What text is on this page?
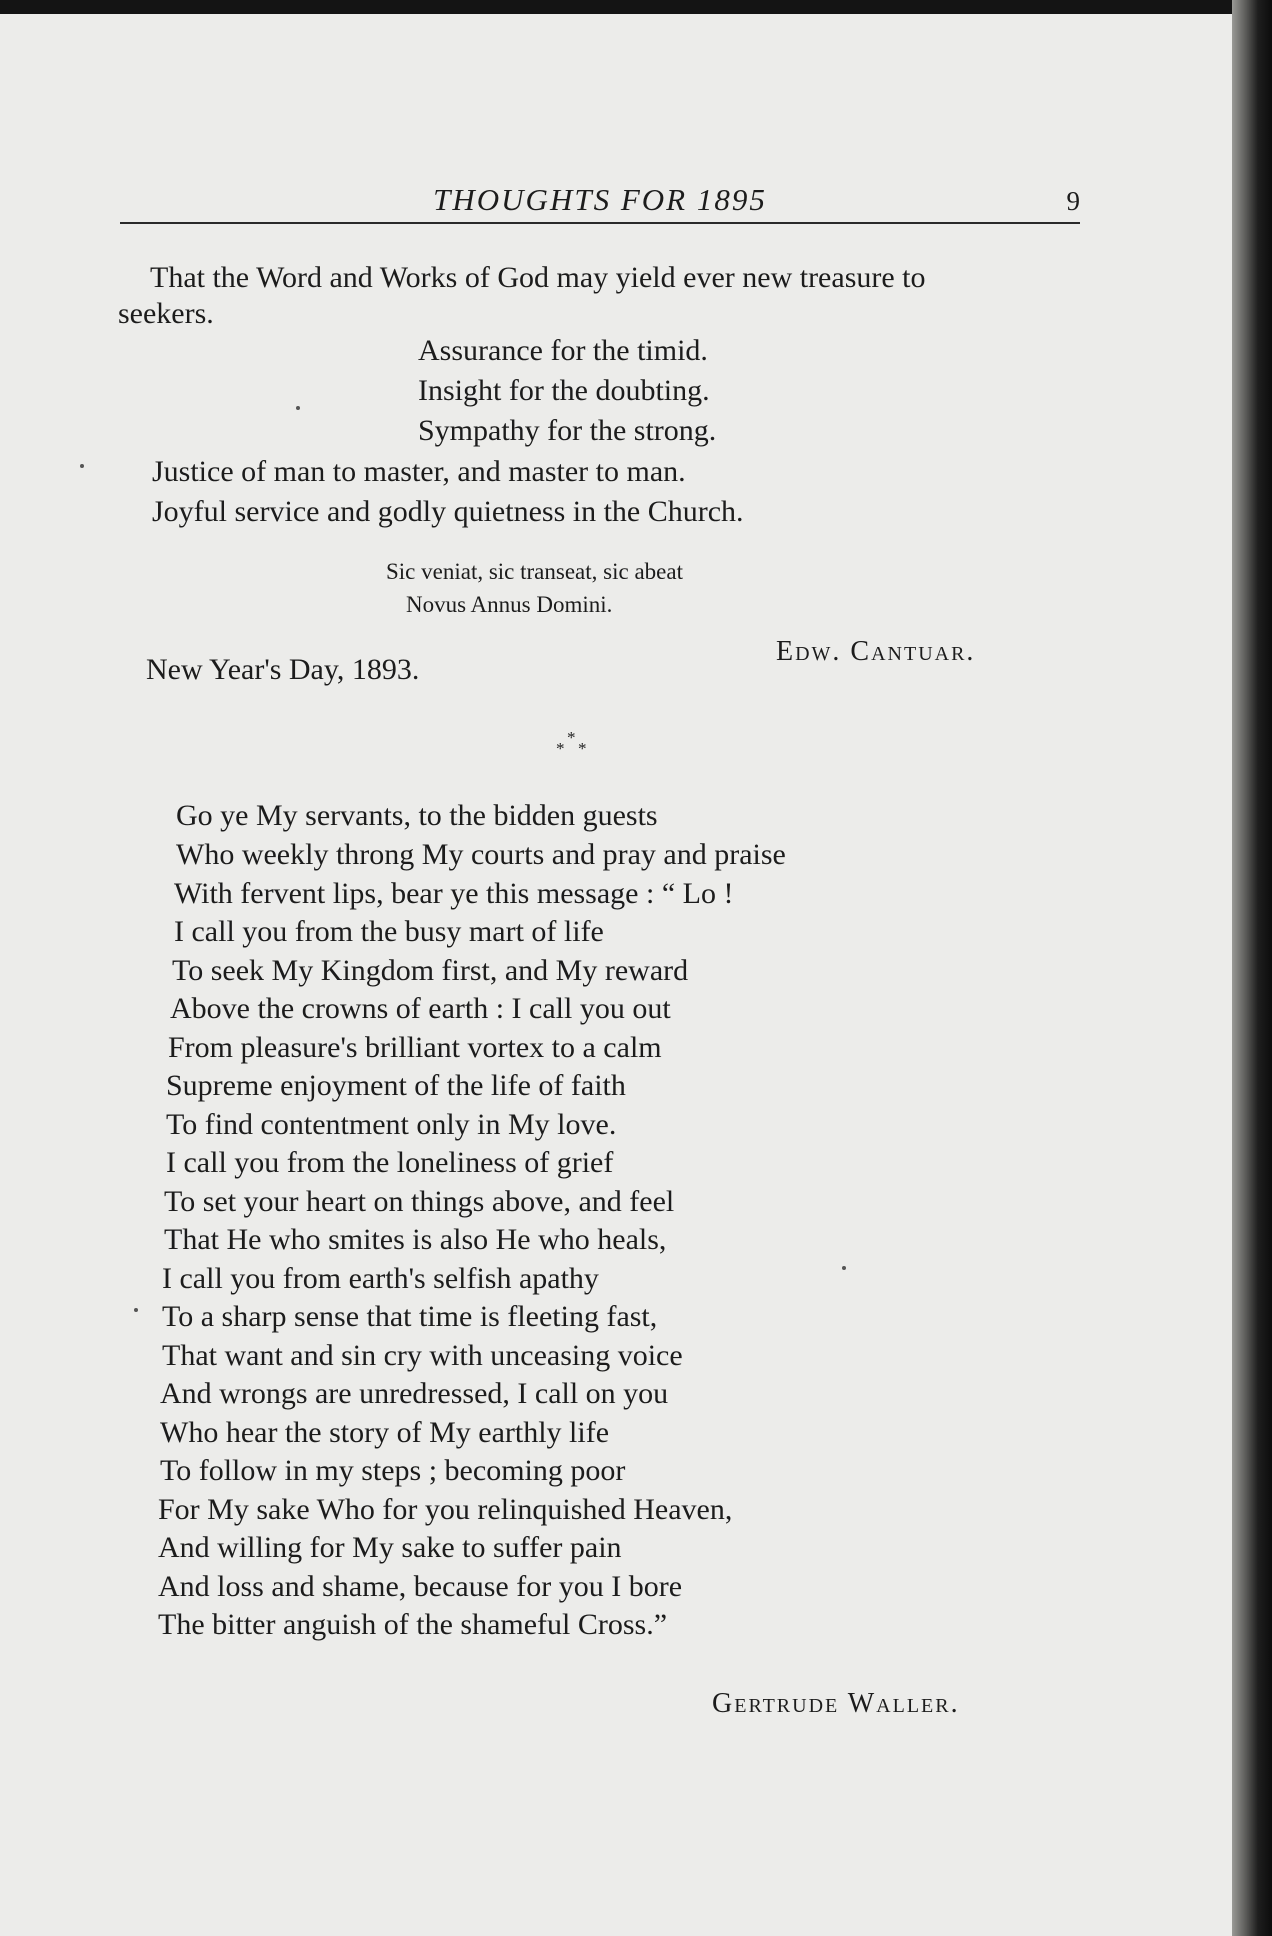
THOUGHTS FOR 1895	9
That the Word and Works of God may yield ever new treasure to
seekers.
Assurance for the timid.
Insight for the doubting.
Sympathy for the strong.
Justice of man to master, and master to man.
Joyful service and godly quietness in the Church.
Sic veniat, sic transeat, sic abeat
Novus Annus Domini.
Edw. Cantuar.
New Year's Day, 1893.
*
* *
Go ye My servants, to the bidden guests
Who weekly throng My courts and pray and praise
With fervent lips, bear ye this message : “ Lo !
I call you from the busy mart of life
To seek My Kingdom first, and My reward
Above the crowns of earth : I call you out
From pleasure's brilliant vortex to a calm
Supreme enjoyment of the life of faith
To find contentment only in My love.
I call you from the loneliness of grief
To set your heart on things above, and feel
That He who smites is also He who heals,
I call you from earth's selfish apathy
To a sharp sense that time is fleeting fast,
That want and sin cry with unceasing voice
And wrongs are unredressed, I call on you
Who hear the story of My earthly life
To follow in my steps ; becoming poor
For My sake Who for you relinquished Heaven,
And willing for My sake to suffer pain
And loss and shame, because for you I bore
The bitter anguish of the shameful Cross.”
Gertrude Waller.
